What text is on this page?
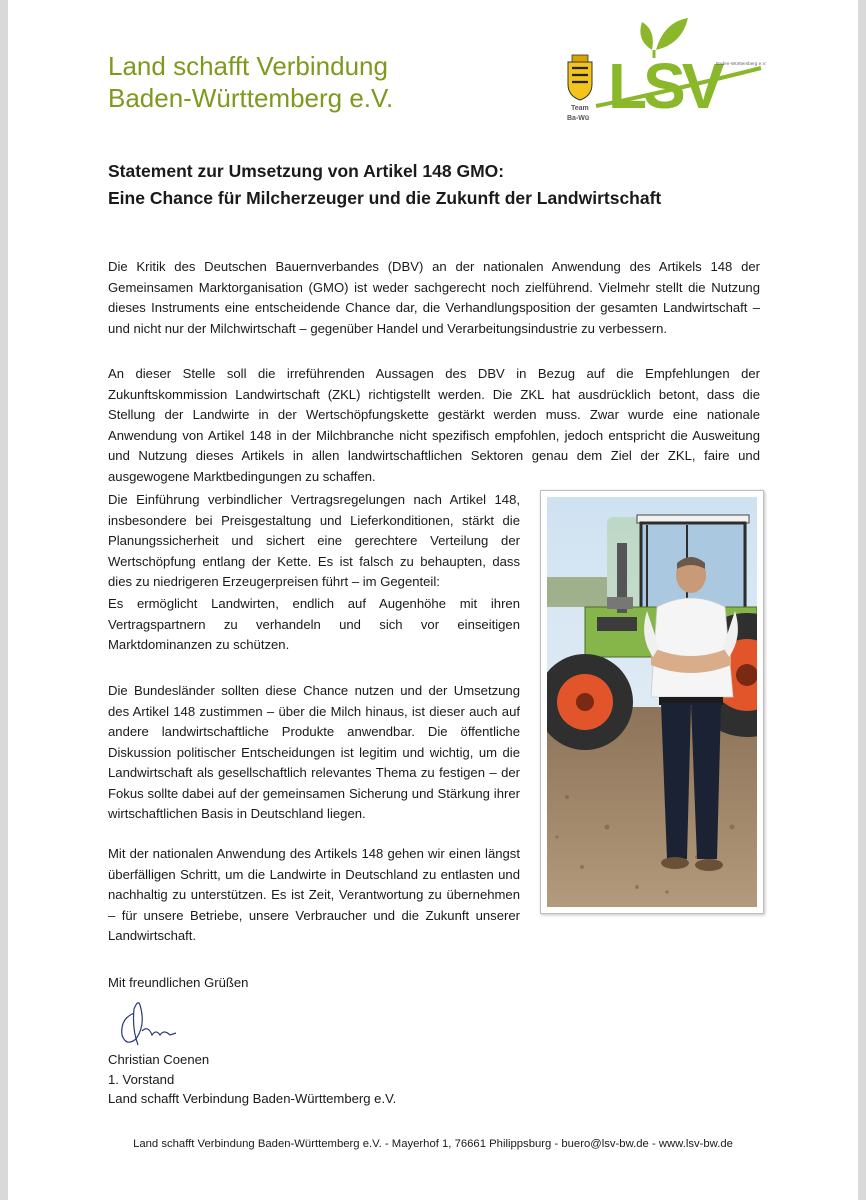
Land schafft Verbindung
Baden-Württemberg e.V.	Team
Ba-Wü LSV
Baden-Württemberg e.V.
Statement zur Umsetzung von Artikel 148 GMO:
Eine Chance für Milcherzeuger und die Zukunft der Landwirtschaft

Die Kritik des Deutschen Bauernverbandes (DBV) an der nationalen Anwendung des Artikels 148 der Gemeinsamen Marktorganisation (GMO) ist weder sachgerecht noch zielführend. Vielmehr stellt die Nutzung dieses Instruments eine entscheidende Chance dar, die Verhandlungsposition der gesamten Landwirtschaft – und nicht nur der Milchwirtschaft – gegenüber Handel und Verarbeitungsindustrie zu verbessern.

An dieser Stelle soll die irreführenden Aussagen des DBV in Bezug auf die Empfehlungen der Zukunftskommission Landwirtschaft (ZKL) richtigstellt werden. Die ZKL hat ausdrücklich betont, dass die Stellung der Landwirte in der Wertschöpfungskette gestärkt werden muss. Zwar wurde eine nationale Anwendung von Artikel 148 in der Milchbranche nicht spezifisch empfohlen, jedoch entspricht die Ausweitung und Nutzung dieses Artikels in allen landwirtschaftlichen Sektoren genau dem Ziel der ZKL, faire und ausgewogene Marktbedingungen zu schaffen.

Die Einführung verbindlicher Vertragsregelungen nach Artikel 148, insbesondere bei Preisgestaltung und Lieferkonditionen, stärkt die Planungssicherheit und sichert eine gerechtere Verteilung der Wertschöpfung entlang der Kette. Es ist falsch zu behaupten, dass dies zu niedrigeren Erzeugerpreisen führt – im Gegenteil:

Es ermöglicht Landwirten, endlich auf Augenhöhe mit ihren Vertragspartnern zu verhandeln und sich vor einseitigen Marktdominanzen zu schützen.

Die Bundesländer sollten diese Chance nutzen und der Umsetzung des Artikel 148 zustimmen – über die Milch hinaus, ist dieser auch auf andere landwirtschaftliche Produkte anwendbar. Die öffentliche Diskussion politischer Entscheidungen ist legitim und wichtig, um die Landwirtschaft als gesellschaftlich relevantes Thema zu festigen – der Fokus sollte dabei auf der gemeinsamen Sicherung und Stärkung ihrer wirtschaftlichen Basis in Deutschland liegen.

Mit der nationalen Anwendung des Artikels 148 gehen wir einen längst überfälligen Schritt, um die Landwirte in Deutschland zu entlasten und nachhaltig zu unterstützen. Es ist Zeit, Verantwortung zu übernehmen – für unsere Betriebe, unsere Verbraucher und die Zukunft unserer Landwirtschaft.

Mit freundlichen Grüßen
Christian Coenen
1. Vorstand
Land schafft Verbindung Baden-Württemberg e.V.
Land schafft Verbindung Baden-Württemberg e.V. - Mayerhof 1, 76661 Philippsburg - buero@lsv-bw.de - www.lsv-bw.de
